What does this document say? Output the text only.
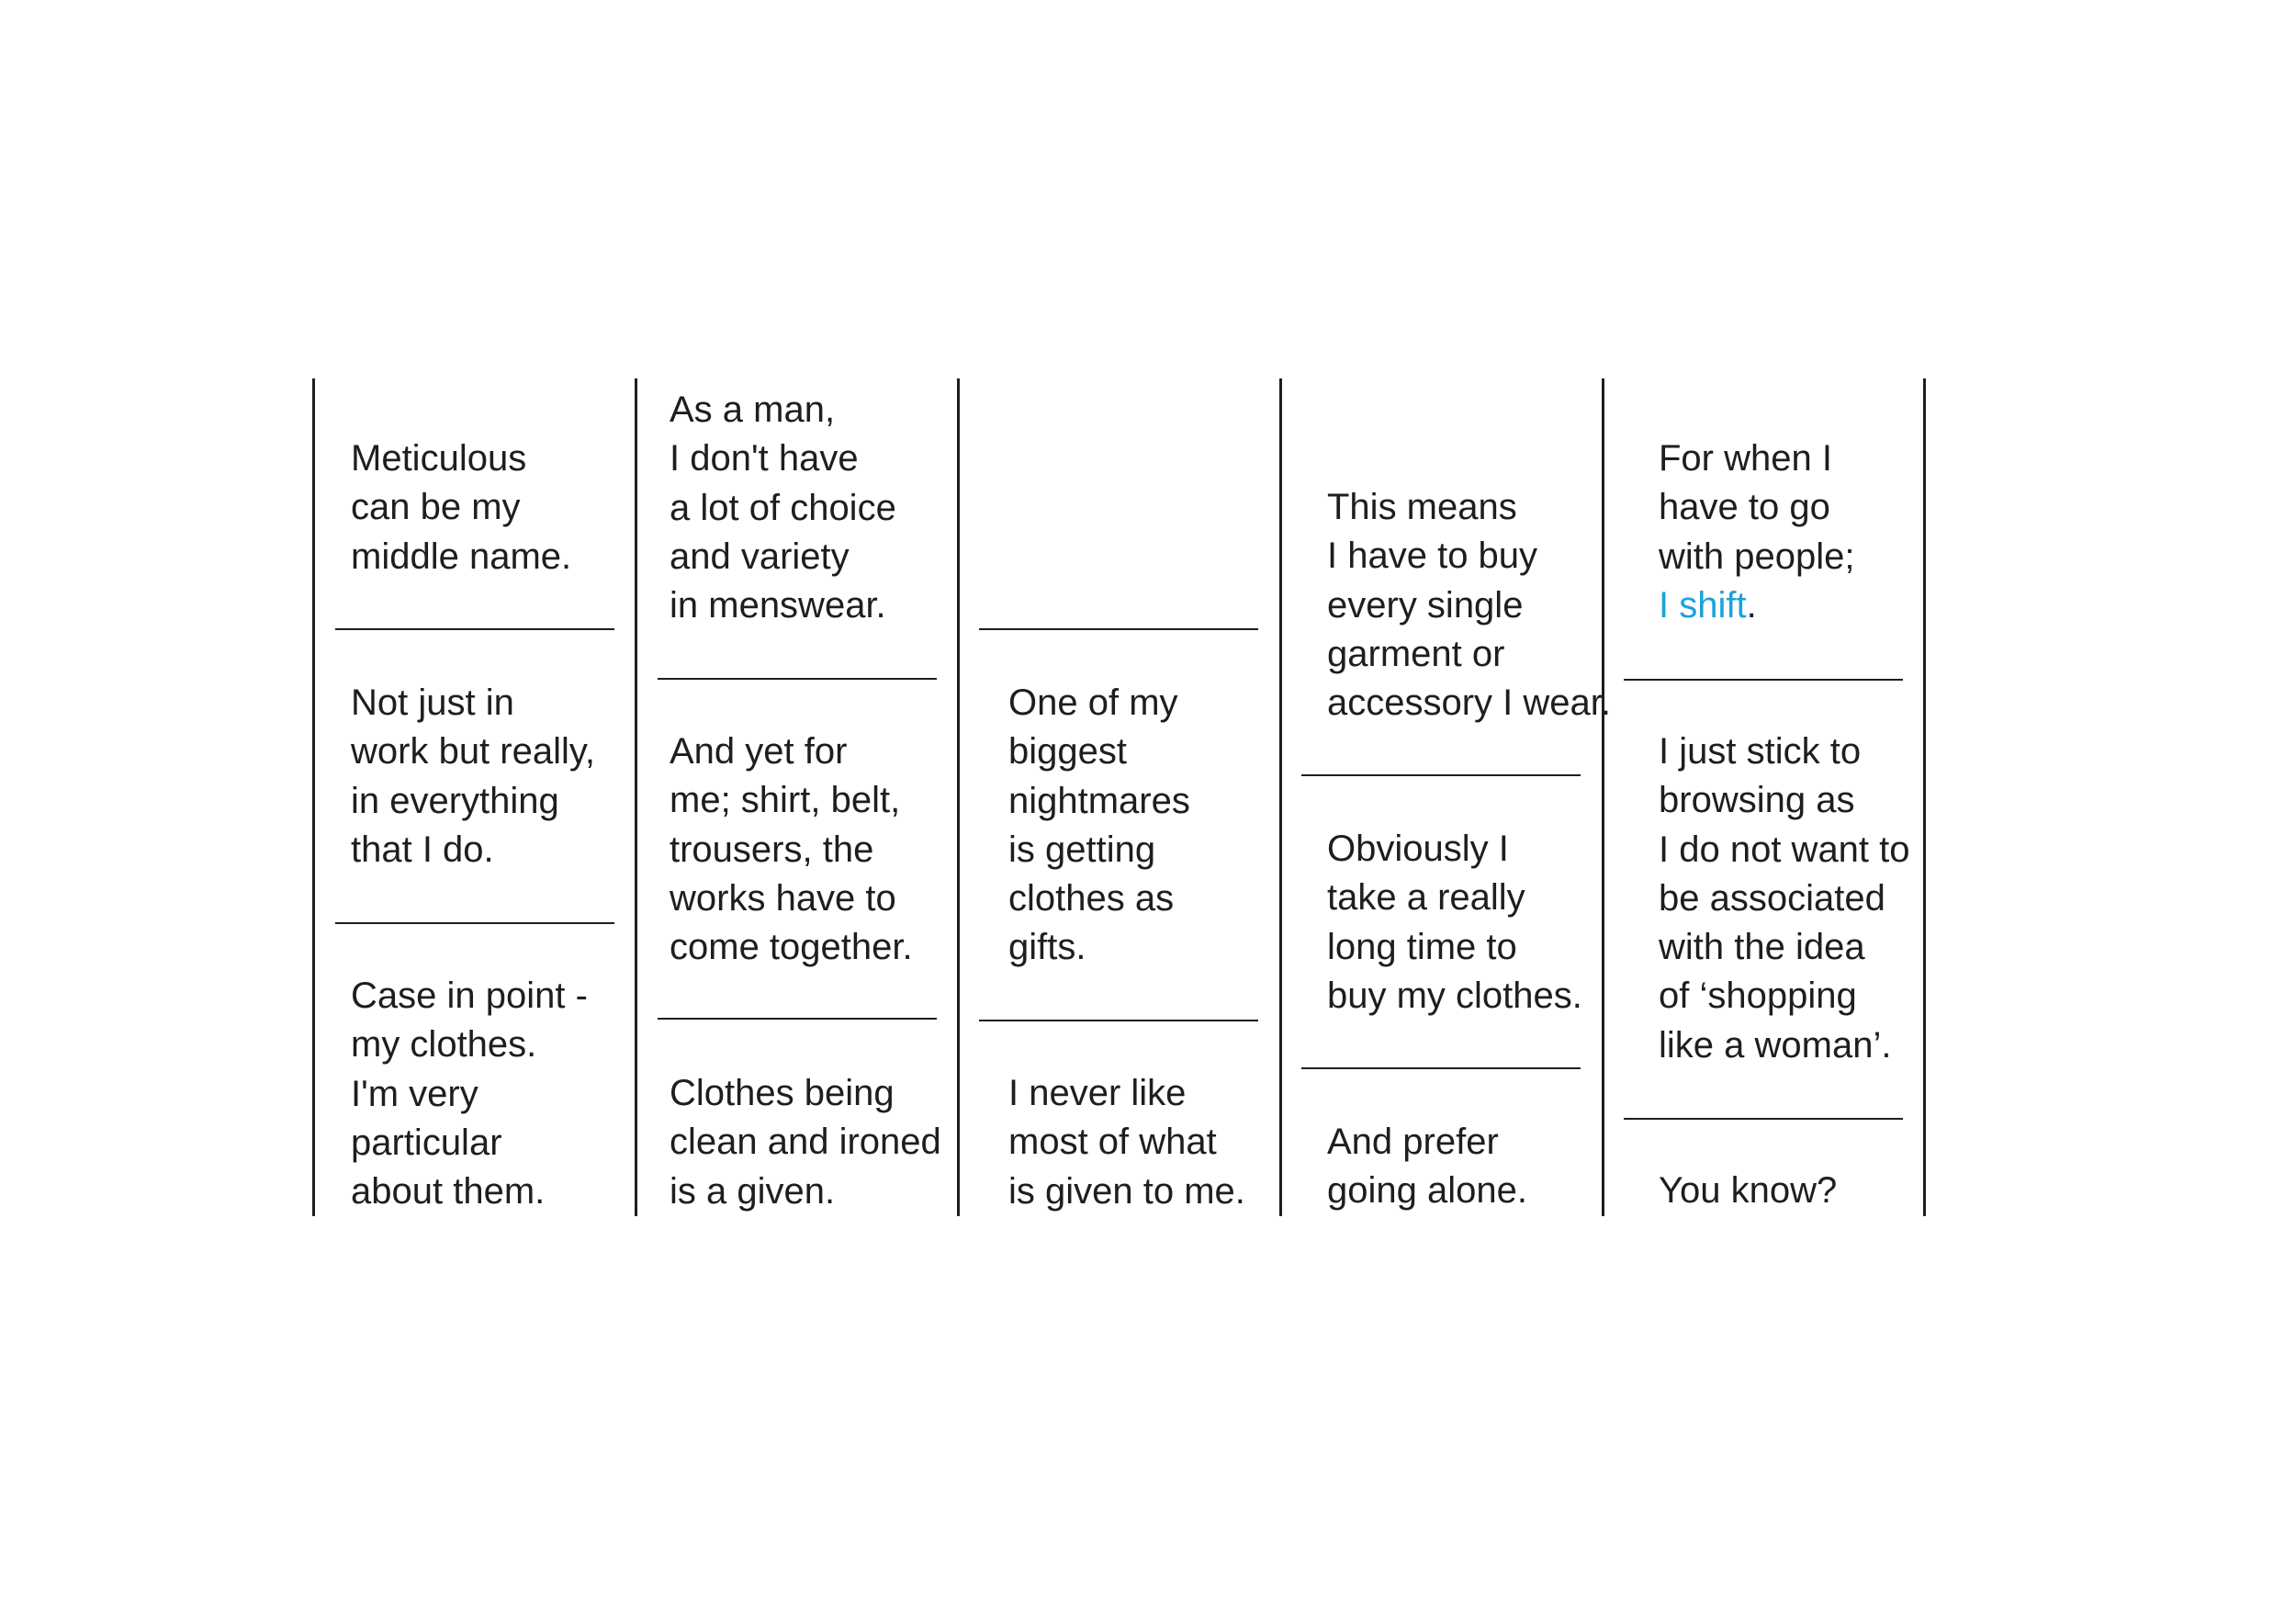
Meticulous
can be my
middle name.
Not just in
work but really,
in everything
that I do.
Case in point -
my clothes.
I'm very
particular
about them.
As a man,
I don't have
a lot of choice
and variety
in menswear.
And yet for
me; shirt, belt,
trousers, the
works have to
come together.
Clothes being
clean and ironed
is a given.
One of my
biggest
nightmares
is getting
clothes as
gifts.
I never like
most of what
is given to me.
This means
I have to buy
every single
garment or
accessory I wear.
Obviously I
take a really
long time to
buy my clothes.
And prefer
going alone.
For when I
have to go
with people;
I shift.
I just stick to
browsing as
I do not want to
be associated
with the idea
of ‘shopping
like a woman’.
You know?
